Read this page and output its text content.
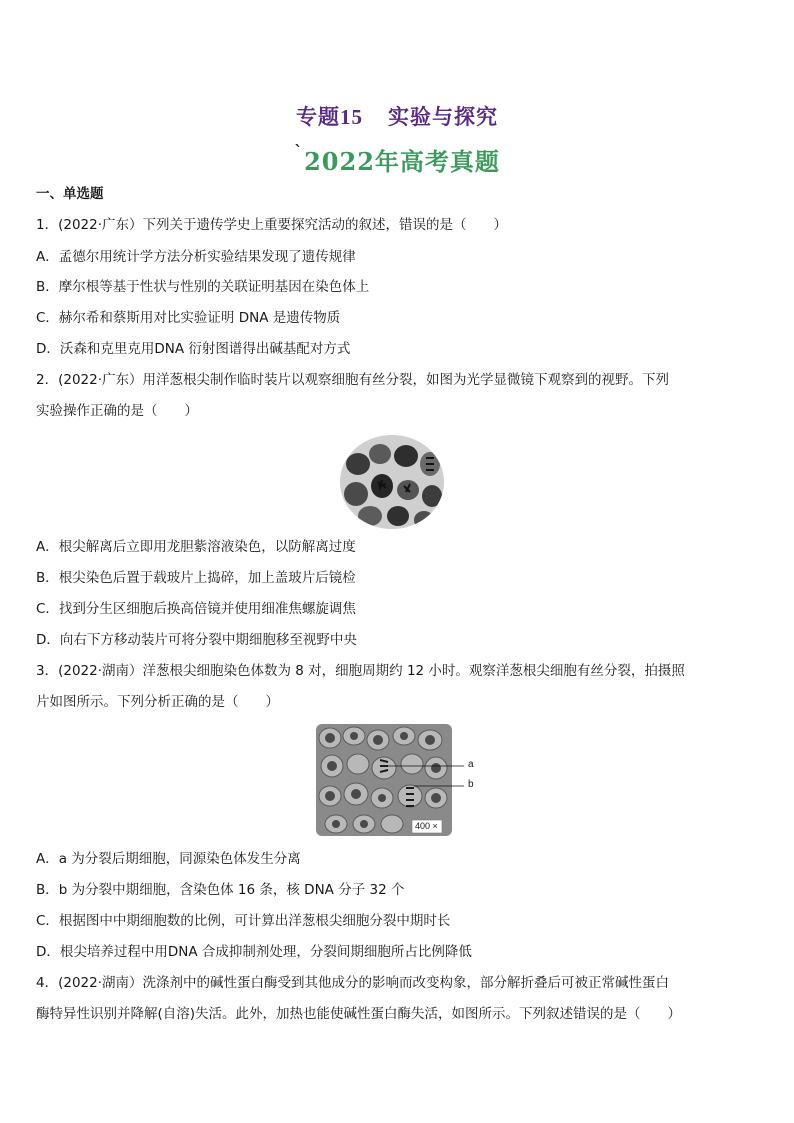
专题15 实验与探究
`2022年高考真题
一、单选题
1．(2022·广东）下列关于遗传学史上重要探究活动的叙述，错误的是（　　）
A．孟德尔用统计学方法分析实验结果发现了遗传规律
B．摩尔根等基于性状与性别的关联证明基因在染色体上
C．赫尔希和蔡斯用对比实验证明 DNA 是遗传物质
D．沃森和克里克用DNA 衍射图谱得出碱基配对方式
2．(2022·广东）用洋葱根尖制作临时装片以观察细胞有丝分裂，如图为光学显微镜下观察到的视野。下列
实验操作正确的是（　　）
A．根尖解离后立即用龙胆紫溶液染色，以防解离过度
B．根尖染色后置于载玻片上捣碎，加上盖玻片后镜检
C．找到分生区细胞后换高倍镜并使用细准焦螺旋调焦
D．向右下方移动装片可将分裂中期细胞移至视野中央
3．(2022·湖南）洋葱根尖细胞染色体数为 8 对，细胞周期约 12 小时。观察洋葱根尖细胞有丝分裂，拍摄照
片如图所示。下列分析正确的是（　　）
a
b
400 ×
A．a 为分裂后期细胞，同源染色体发生分离
B．b 为分裂中期细胞，含染色体 16 条，核 DNA 分子 32 个
C．根据图中中期细胞数的比例，可计算出洋葱根尖细胞分裂中期时长
D．根尖培养过程中用DNA 合成抑制剂处理，分裂间期细胞所占比例降低
4．(2022·湖南）洗涤剂中的碱性蛋白酶受到其他成分的影响而改变构象，部分解折叠后可被正常碱性蛋白
酶特异性识别并降解(自溶)失活。此外，加热也能使碱性蛋白酶失活，如图所示。下列叙述错误的是（　　）
